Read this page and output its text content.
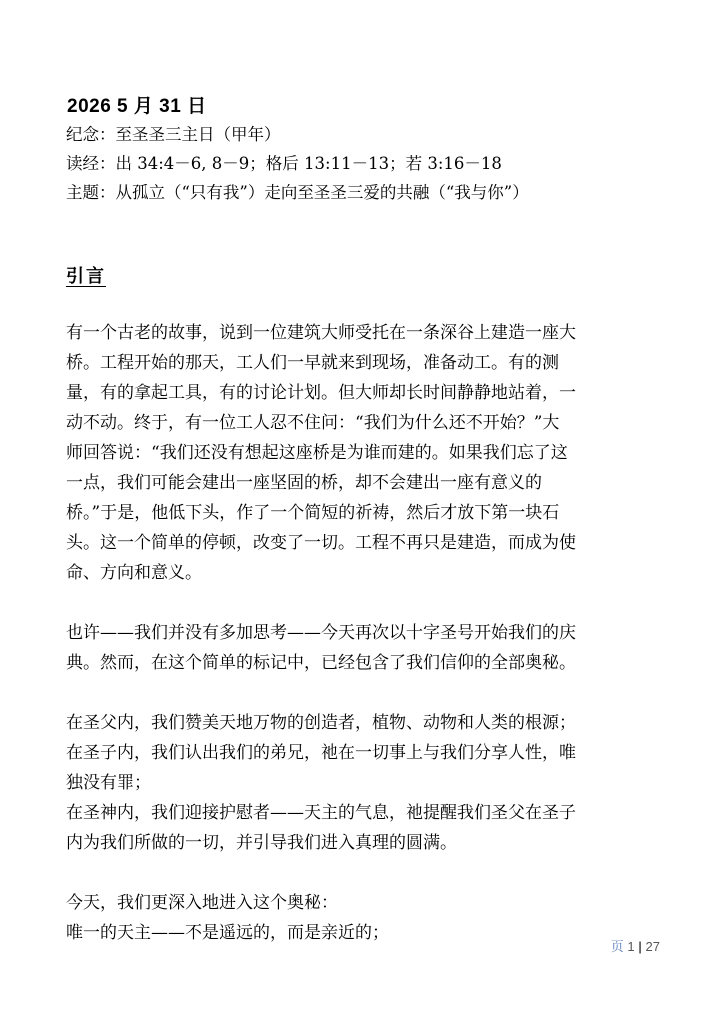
2026 5 月 31 日
纪念：至圣圣三主日（甲年）
读经：出 34:4－6, 8－9；格后 13:11－13；若 3:16－18
主题：从孤立（“只有我”）走向至圣圣三爱的共融（“我与你”）
引言

有一个古老的故事，说到一位建筑大师受托在一条深谷上建造一座大
桥。工程开始的那天，工人们一早就来到现场，准备动工。有的测
量，有的拿起工具，有的讨论计划。但大师却长时间静静地站着，一
动不动。终于，有一位工人忍不住问：“我们为什么还不开始？”大
师回答说：“我们还没有想起这座桥是为谁而建的。如果我们忘了这
一点，我们可能会建出一座坚固的桥，却不会建出一座有意义的
桥。”于是，他低下头，作了一个简短的祈祷，然后才放下第一块石
头。这一个简单的停顿，改变了一切。工程不再只是建造，而成为使
命、方向和意义。

也许——我们并没有多加思考——今天再次以十字圣号开始我们的庆
典。然而，在这个简单的标记中，已经包含了我们信仰的全部奥秘。

在圣父内，我们赞美天地万物的创造者，植物、动物和人类的根源；
在圣子内，我们认出我们的弟兄，祂在一切事上与我们分享人性，唯
独没有罪；
在圣神内，我们迎接护慰者——天主的气息，祂提醒我们圣父在圣子
内为我们所做的一切，并引导我们进入真理的圆满。

今天，我们更深入地进入这个奥秘：
唯一的天主——不是遥远的，而是亲近的；

页 1 | 27
